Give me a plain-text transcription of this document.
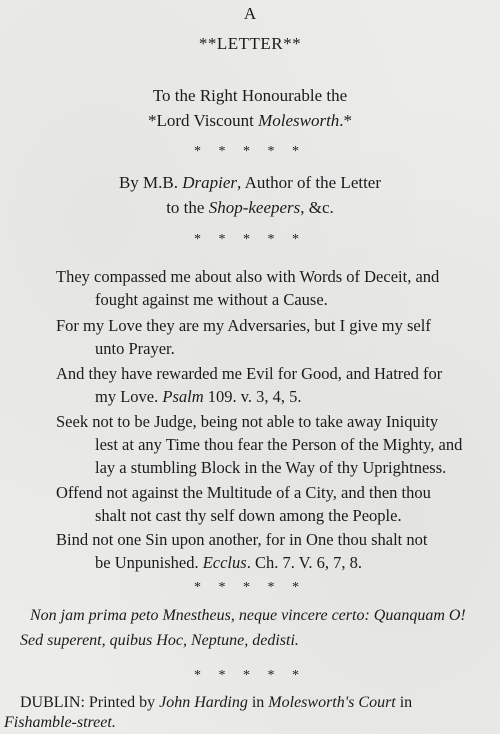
A
**LETTER**
To the Right Honourable the
*Lord Viscount Molesworth.*
* * * * *
By M.B. Drapier, Author of the Letter
to the Shop-keepers, &c.
* * * * *
They compassed me about also with Words of Deceit, and
fought against me without a Cause.
For my Love they are my Adversaries, but I give my self
unto Prayer.
And they have rewarded me Evil for Good, and Hatred for
my Love. Psalm 109. v. 3, 4, 5.
Seek not to be Judge, being not able to take away Iniquity
lest at any Time thou fear the Person of the Mighty, and
lay a stumbling Block in the Way of thy Uprightness.
Offend not against the Multitude of a City, and then thou
shalt not cast thy self down among the People.
Bind not one Sin upon another, for in One thou shalt not
be Unpunished. Ecclus. Ch. 7. V. 6, 7, 8.
* * * * *
Non jam prima peto Mnestheus, neque vincere certo: Quanquam O!
Sed superent, quibus Hoc, Neptune, dedisti.
* * * * *
DUBLIN: Printed by John Harding in Molesworth's Court in
Fishamble-street.
